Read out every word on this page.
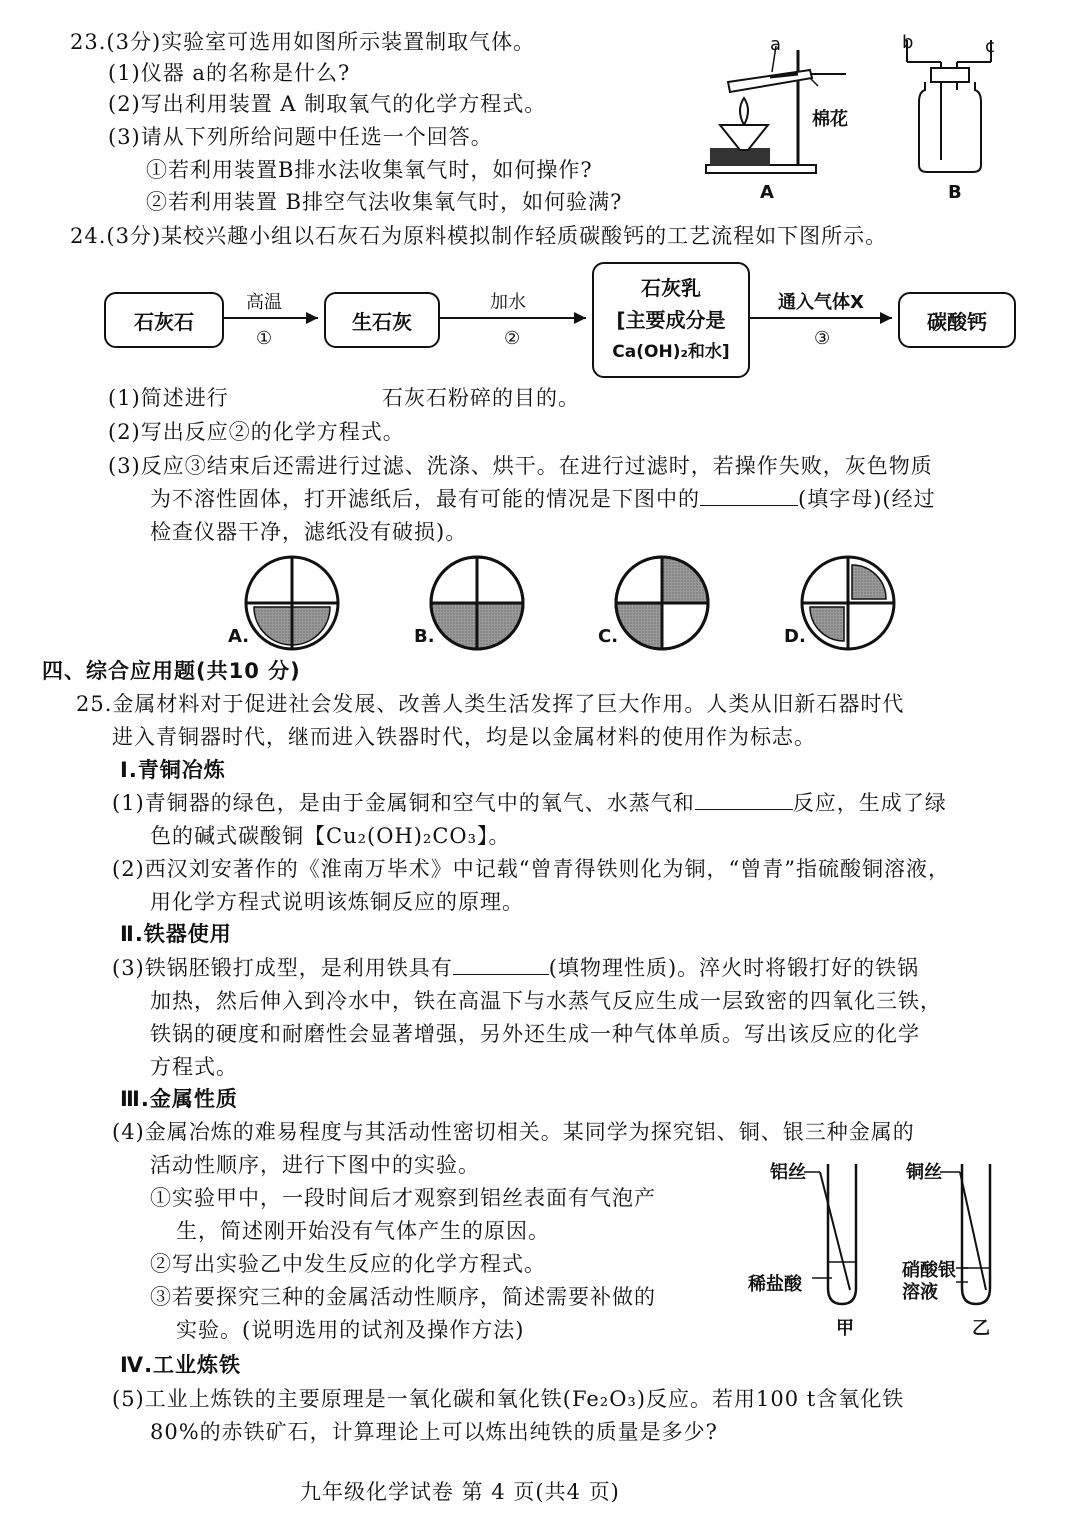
23.(3分)实验室可选用如图所示装置制取气体。
(1)仪器 a的名称是什么?
(2)写出利用装置 A 制取氧气的化学方程式。
(3)请从下列所给问题中任选一个回答。
①若利用装置B排水法收集氧气时，如何操作?
②若利用装置 B排空气法收集氧气时，如何验满?
a
棉花
A
b	c
B
24.(3分)某校兴趣小组以石灰石为原料模拟制作轻质碳酸钙的工艺流程如下图所示。
石灰石	生石灰
石灰乳
[主要成分是
Ca(OH)₂和水]
碳酸钙
高温
①
加水
②
通入气体X
③
(1)简述进行	石灰石粉碎的目的。
(2)写出反应②的化学方程式。
(3)反应③结束后还需进行过滤、洗涤、烘干。在进行过滤时，若操作失败，灰色物质
为不溶性固体，打开滤纸后，最有可能的情况是下图中的	(填字母)(经过
检查仪器干净，滤纸没有破损)。
A.	B.	C.	D.
四、综合应用题(共10 分)
25.金属材料对于促进社会发展、改善人类生活发挥了巨大作用。人类从旧新石器时代
进入青铜器时代，继而进入铁器时代，均是以金属材料的使用作为标志。
Ⅰ.青铜冶炼
(1)青铜器的绿色，是由于金属铜和空气中的氧气、水蒸气和	反应，生成了绿
色的碱式碳酸铜【Cu₂(OH)₂CO₃】。
(2)西汉刘安著作的《淮南万毕术》中记载“曾青得铁则化为铜，“曾青”指硫酸铜溶液，
用化学方程式说明该炼铜反应的原理。
Ⅱ.铁器使用
(3)铁锅胚锻打成型，是利用铁具有	(填物理性质)。淬火时将锻打好的铁锅
加热，然后伸入到冷水中，铁在高温下与水蒸气反应生成一层致密的四氧化三铁，
铁锅的硬度和耐磨性会显著增强，另外还生成一种气体单质。写出该反应的化学
方程式。
Ⅲ.金属性质
(4)金属冶炼的难易程度与其活动性密切相关。某同学为探究铝、铜、银三种金属的
活动性顺序，进行下图中的实验。
①实验甲中，一段时间后才观察到铝丝表面有气泡产
生，简述刚开始没有气体产生的原因。
②写出实验乙中发生反应的化学方程式。
③若要探究三种的金属活动性顺序，简述需要补做的
实验。(说明选用的试剂及操作方法)
铝丝
稀盐酸
甲
铜丝
硝酸银
溶液
乙
Ⅳ.工业炼铁
(5)工业上炼铁的主要原理是一氧化碳和氧化铁(Fe₂O₃)反应。若用100 t含氧化铁
80%的赤铁矿石，计算理论上可以炼出纯铁的质量是多少?
九年级化学试卷 第 4 页(共4 页)
